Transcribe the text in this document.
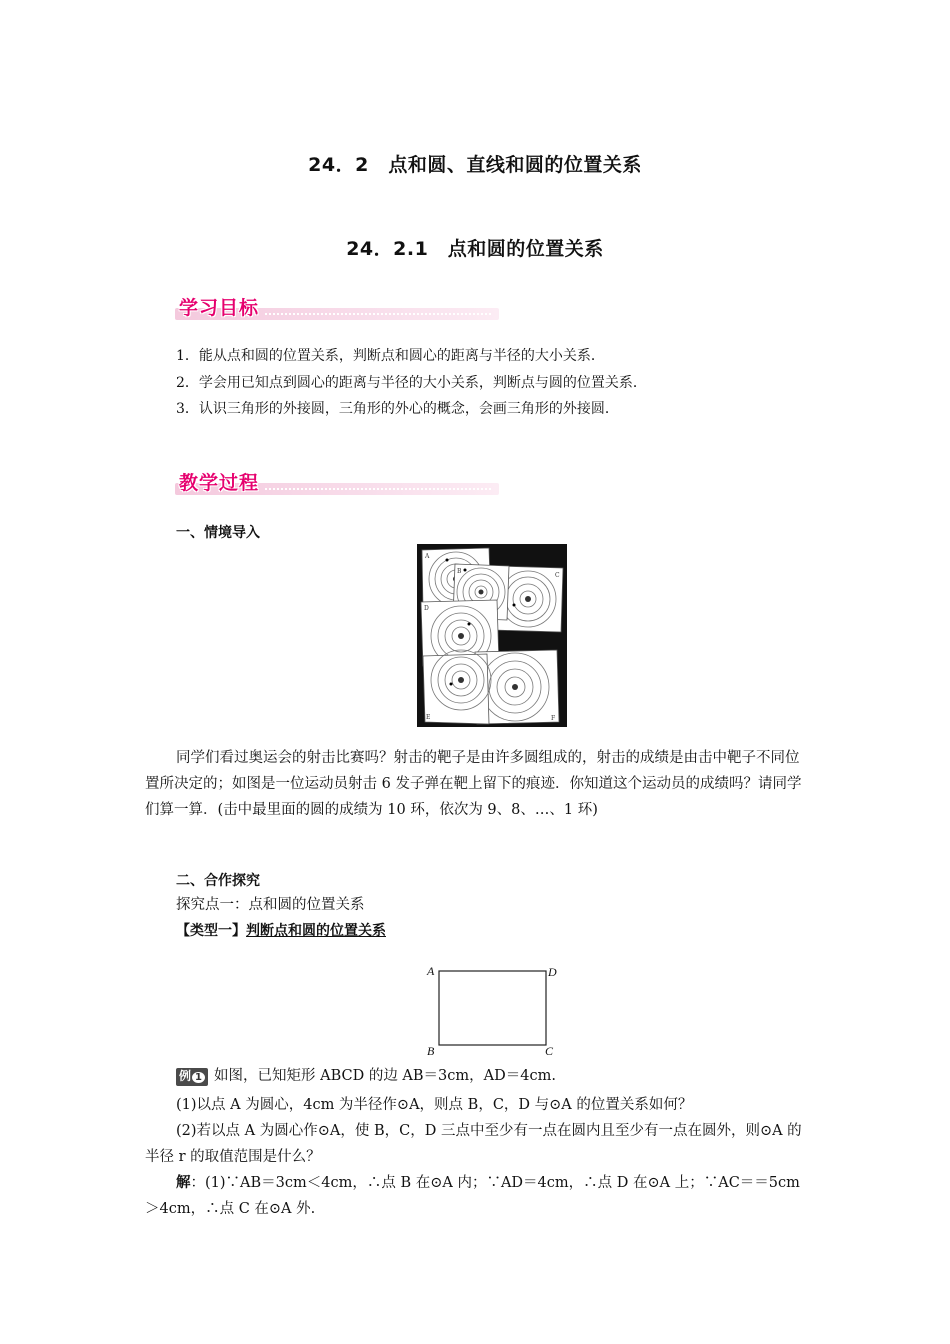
24．2　点和圆、直线和圆的位置关系
24．2.1　点和圆的位置关系
学习目标
1．能从点和圆的位置关系，判断点和圆心的距离与半径的大小关系．
2．学会用已知点到圆心的距离与半径的大小关系，判断点与圆的位置关系．
3．认识三角形的外接圆，三角形的外心的概念，会画三角形的外接圆．
教学过程
一、情境导入
A
C
B
D
F
E
同学们看过奥运会的射击比赛吗？射击的靶子是由许多圆组成的，射击的成绩是由击中靶子不同位置所决定的；如图是一位运动员射击 6 发子弹在靶上留下的痕迹．你知道这个运动员的成绩吗？请同学们算一算．(击中最里面的圆的成绩为 10 环，依次为 9、8、…、1 环)
二、合作探究
探究点一：点和圆的位置关系
【类型一】判断点和圆的位置关系
A	D
B	C
例 1 如图，已知矩形 ABCD 的边 AB＝3cm，AD＝4cm.
(1)以点 A 为圆心，4cm 为半径作⊙A，则点 B，C，D 与⊙A 的位置关系如何？
(2)若以点 A 为圆心作⊙A，使 B，C，D 三点中至少有一点在圆内且至少有一点在圆外，则⊙A 的半径 r 的取值范围是什么？
解：(1)∵AB＝3cm＜4cm，∴点 B 在⊙A 内；∵AD＝4cm，∴点 D 在⊙A 上；∵AC＝＝5cm＞4cm，∴点 C 在⊙A 外.
